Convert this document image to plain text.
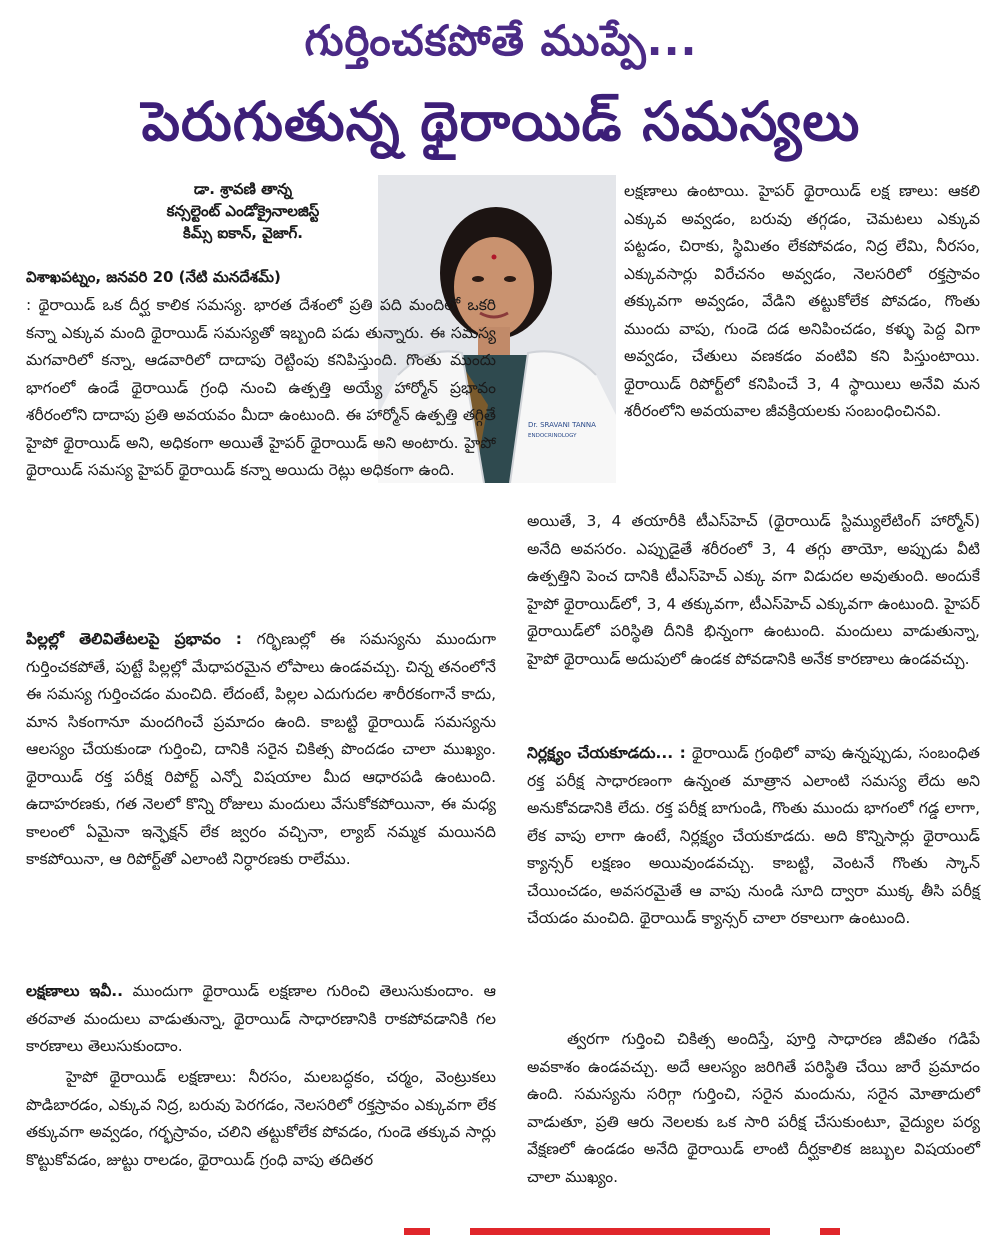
గుర్తించకపోతే ముప్పే...
పెరుగుతున్న థైరాయిడ్ సమస్యలు
డా. శ్రావణి తాన్న
కన్సల్టెంట్ ఎండోక్రైనాలజిస్ట్
కిమ్స్ ఐకాన్, వైజాగ్.
విశాఖపట్నం, జనవరి 20 (నేటి మనదేశమ్)
Dr. SRAVANI TANNA
ENDOCRINOLOGY

: థైరాయిడ్ ఒక దీర్ఘ కాలిక సమస్య. భారత దేశంలో ప్రతి పది మందిలో ఒకరి కన్నా ఎక్కువ మంది థైరాయిడ్ సమస్యతో ఇబ్బంది పడు తున్నారు. ఈ సమస్య మగవారిలో కన్నా, ఆడవారిలో దాదాపు రెట్టింపు కనిపిస్తుంది. గొంతు ముందు భాగంలో ఉండే థైరాయిడ్ గ్రంధి నుంచి ఉత్పత్తి అయ్యే హార్మోన్ ప్రభావం శరీరంలోని దాదాపు ప్రతి అవయవం మీదా ఉంటుంది. ఈ హార్మోన్ ఉత్పత్తి తగ్గితే హైపో థైరాయిడ్ అని, అధికంగా అయితే హైపర్ థైరాయిడ్ అని అంటారు. హైపో థైరాయిడ్ సమస్య హైపర్ థైరాయిడ్ కన్నా అయిదు రెట్లు అధికంగా ఉంది.

పిల్లల్లో తెలివితేటలపై ప్రభావం : గర్భిణుల్లో ఈ సమస్యను ముందుగా గుర్తించకపోతే, పుట్టే పిల్లల్లో మేధాపరమైన లోపాలు ఉండవచ్చు. చిన్న తనంలోనే ఈ సమస్య గుర్తించడం మంచిది. లేదంటే, పిల్లల ఎదుగుదల శారీరకంగానే కాదు, మాన సికంగానూ మందగించే ప్రమాదం ఉంది. కాబట్టి థైరాయిడ్ సమస్యను ఆలస్యం చేయకుండా గుర్తించి, దానికి సరైన చికిత్స పొందడం చాలా ముఖ్యం. థైరాయిడ్ రక్త పరీక్ష రిపోర్ట్ ఎన్నో విషయాల మీద ఆధారపడి ఉంటుంది. ఉదాహరణకు, గత నెలలో కొన్ని రోజులు మందులు వేసుకోకపోయినా, ఈ మధ్య కాలంలో ఏమైనా ఇన్ఫెక్షన్ లేక జ్వరం వచ్చినా, ల్యాబ్ నమ్మక మయినది కాకపోయినా, ఆ రిపోర్ట్‌తో ఎలాంటి నిర్ధారణకు రాలేము.

లక్షణాలు ఇవీ.. ముందుగా థైరాయిడ్ లక్షణాల గురించి తెలుసుకుందాం. ఆ తరవాత మందులు వాడుతున్నా, థైరాయిడ్ సాధారణానికి రాకపోవడానికి గల కారణాలు తెలుసుకుందాం.

హైపో థైరాయిడ్ లక్షణాలు: నీరసం, మలబద్ధకం, చర్మం, వెంట్రుకలు పొడిబారడం, ఎక్కువ నిద్ర, బరువు పెరగడం, నెలసరిలో రక్తస్రావం ఎక్కువగా లేక తక్కువగా అవ్వడం, గర్భస్రావం, చలిని తట్టుకోలేక పోవడం, గుండె తక్కువ సార్లు కొట్టుకోవడం, జుట్టు రాలడం, థైరాయిడ్ గ్రంధి వాపు తదితర

లక్షణాలు ఉంటాయి. హైపర్ థైరాయిడ్ లక్ష ణాలు: ఆకలి ఎక్కువ అవ్వడం, బరువు తగ్గడం, చెమటలు ఎక్కువ పట్టడం, చిరాకు, స్థిమితం లేకపోవడం, నిద్ర లేమి, నీరసం, ఎక్కువసార్లు విరేచనం అవ్వడం, నెలసరిలో రక్తస్రావం తక్కువగా అవ్వడం, వేడిని తట్టుకోలేక పోవడం, గొంతు ముందు వాపు, గుండె దడ అనిపించడం, కళ్ళు పెద్ద విగా అవ్వడం, చేతులు వణకడం వంటివి కని పిస్తుంటాయి. థైరాయిడ్ రిపోర్ట్‌లో కనిపించే 3, 4 స్థాయిలు అనేవి మన శరీరంలోని అవయవాల జీవక్రియలకు సంబంధించినవి.

అయితే, 3, 4 తయారీకి టీఎస్‌హెచ్ (థైరాయిడ్ స్టిమ్యులేటింగ్ హార్మోన్) అనేది అవసరం. ఎప్పుడైతే శరీరంలో 3, 4 తగ్గు తాయో, అప్పుడు వీటి ఉత్పత్తిని పెంచ దానికి టీఎస్‌హెచ్ ఎక్కు వగా విడుదల అవుతుంది. అందుకే హైపో థైరాయిడ్‌లో, 3, 4 తక్కువగా, టీఎస్‌హెచ్ ఎక్కువగా ఉంటుంది. హైపర్ థైరాయిడ్‌లో పరిస్థితి దీనికి భిన్నంగా ఉంటుంది. మందులు వాడుతున్నా, హైపో థైరాయిడ్ అదుపులో ఉండక పోవడానికి అనేక కారణాలు ఉండవచ్చు.

నిర్లక్ష్యం చేయకూడదు... : థైరాయిడ్ గ్రంథిలో వాపు ఉన్నప్పుడు, సంబంధిత రక్త పరీక్ష సాధారణంగా ఉన్నంత మాత్రాన ఎలాంటి సమస్య లేదు అని అనుకోవడానికి లేదు. రక్త పరీక్ష బాగుండి, గొంతు ముందు భాగంలో గడ్డ లాగా, లేక వాపు లాగా ఉంటే, నిర్లక్ష్యం చేయకూడదు. అది కొన్నిసార్లు థైరాయిడ్ క్యాన్సర్ లక్షణం అయివుండవచ్చు. కాబట్టి, వెంటనే గొంతు స్కాన్ చేయించడం, అవసరమైతే ఆ వాపు నుండి సూది ద్వారా ముక్క తీసి పరీక్ష చేయడం మంచిది. థైరాయిడ్ క్యాన్సర్ చాలా రకాలుగా ఉంటుంది.

త్వరగా గుర్తించి చికిత్స అందిస్తే, పూర్తి సాధారణ జీవితం గడిపే అవకాశం ఉండవచ్చు. అదే ఆలస్యం జరిగితే పరిస్థితి చేయి జారే ప్రమాదం ఉంది. సమస్యను సరిగ్గా గుర్తించి, సరైన మందును, సరైన మోతాదులో వాడుతూ, ప్రతి ఆరు నెలలకు ఒక సారి పరీక్ష చేసుకుంటూ, వైద్యుల పర్య వేక్షణలో ఉండడం అనేది థైరాయిడ్ లాంటి దీర్ఘకాలిక జబ్బుల విషయంలో చాలా ముఖ్యం.
